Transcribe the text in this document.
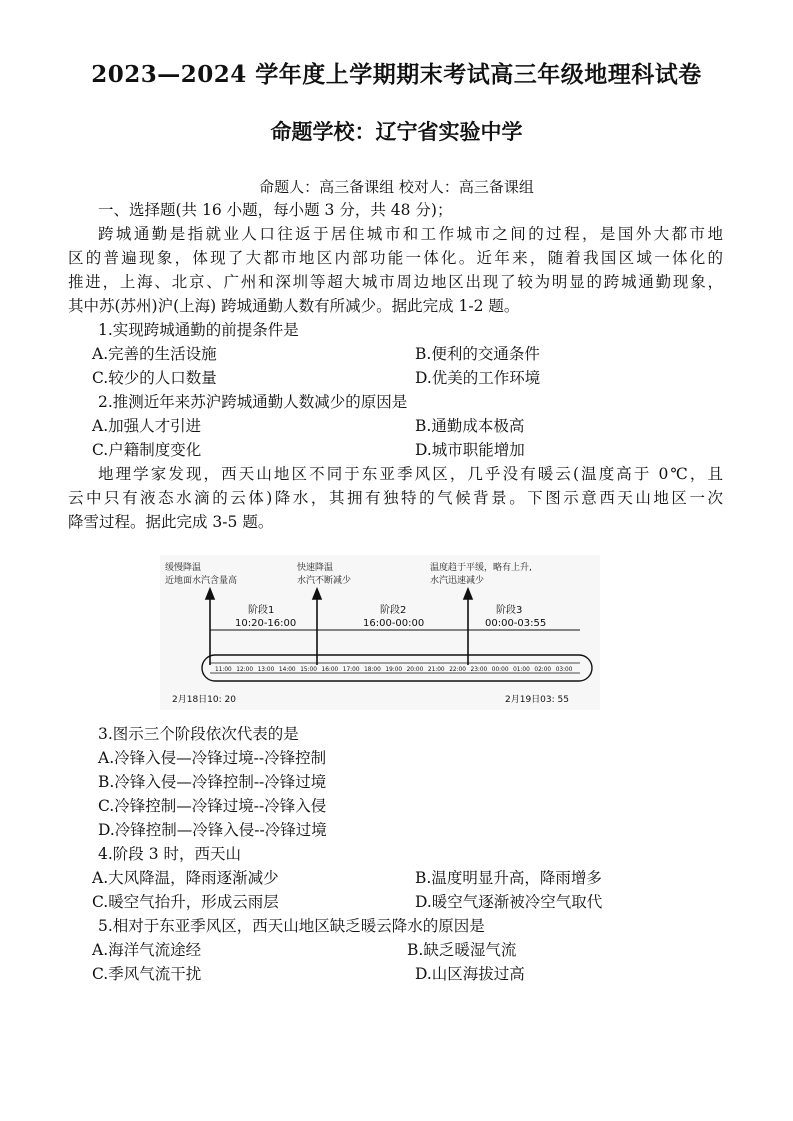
2023—2024 学年度上学期期末考试高三年级地理科试卷
命题学校：辽宁省实验中学
命题人：高三备课组 校对人：高三备课组
一、选择题(共 16 小题，每小题 3 分，共 48 分)；
跨城通勤是指就业人口往返于居住城市和工作城市之间的过程，是国外大都市地
区的普遍现象，体现了大都市地区内部功能一体化。近年来，随着我国区域一体化的
推进，上海、北京、广州和深圳等超大城市周边地区出现了较为明显的跨城通勤现象，
其中苏(苏州)沪(上海) 跨城通勤人数有所减少。据此完成 1-2 题。
1.实现跨城通勤的前提条件是
A.完善的生活设施	B.便利的交通条件
C.较少的人口数量	D.优美的工作环境
2.推测近年来苏沪跨城通勤人数减少的原因是
A.加强人才引进	B.通勤成本极高
C.户籍制度变化	D.城市职能增加
地理学家发现，西天山地区不同于东亚季风区，几乎没有暖云(温度高于 0℃，且
云中只有液态水滴的云体)降水，其拥有独特的气候背景。下图示意西天山地区一次
降雪过程。据此完成 3-5 题。
缓慢降温
近地面水汽含量高
快速降温
水汽不断减少
温度趋于平缓，略有上升,
水汽迅速减少
阶段1
10:20-16:00
阶段2
16:00-00:00
阶段3
00:00-03:55
11:00 12:00 13:00 14:00 15:00 16:00 17:00 18:00 19:00 20:00 21:00 22:00 23:00 00:00 01:00 02:00 03:00
2月18日10: 20	2月19日03: 55
3.图示三个阶段依次代表的是
A.冷锋入侵—冷锋过境--冷锋控制
B.冷锋入侵—冷锋控制--冷锋过境
C.冷锋控制—冷锋过境--冷锋入侵
D.冷锋控制—冷锋入侵--冷锋过境
4.阶段 3 时，西天山
A.大风降温，降雨逐渐减少	B.温度明显升高，降雨增多
C.暖空气抬升，形成云雨层	D.暖空气逐渐被冷空气取代
5.相对于东亚季风区，西天山地区缺乏暖云降水的原因是
A.海洋气流途经	B.缺乏暖湿气流
C.季风气流干扰	D.山区海拔过高
